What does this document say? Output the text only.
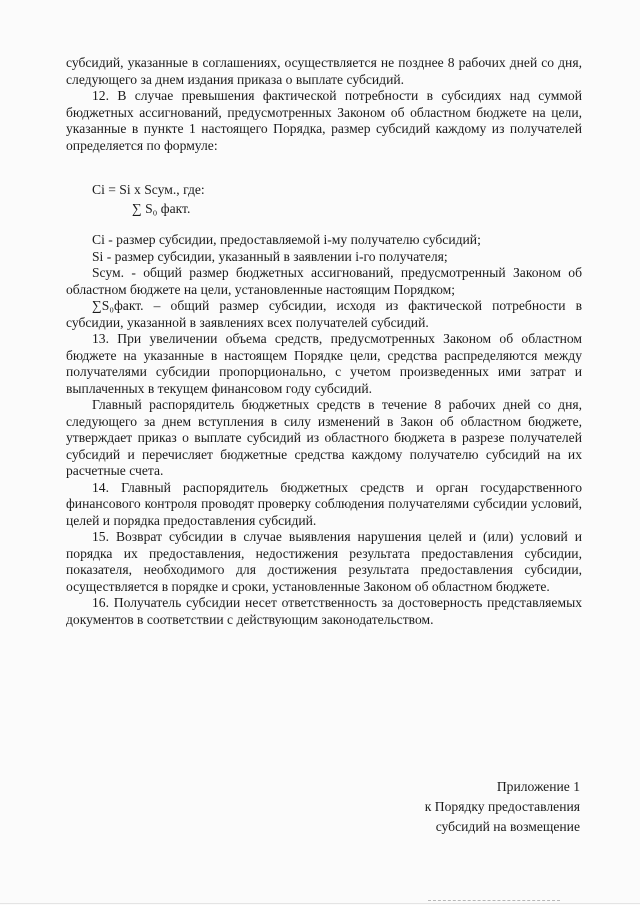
субсидий, указанные в соглашениях, осуществляется не позднее 8 рабочих дней со дня, следующего за днем издания приказа о выплате субсидий.

12. В случае превышения фактической потребности в субсидиях над суммой бюджетных ассигнований, предусмотренных Законом об областном бюджете на цели, указанные в пункте 1 настоящего Порядка, размер субсидий каждому из получателей определяется по формуле:

Ci = Si x Sсум., где:
∑ S₀ факт.

Ci - размер субсидии, предоставляемой i-му получателю субсидий;

Si - размер субсидии, указанный в заявлении i-го получателя;

Sсум. - общий размер бюджетных ассигнований, предусмотренный Законом об областном бюджете на цели, установленные настоящим Порядком;

∑S₀факт. – общий размер субсидии, исходя из фактической потребности в субсидии, указанной в заявлениях всех получателей субсидий.

13. При увеличении объема средств, предусмотренных Законом об областном бюджете на указанные в настоящем Порядке цели, средства распределяются между получателями субсидии пропорционально, с учетом произведенных ими затрат и выплаченных в текущем финансовом году субсидий.

Главный распорядитель бюджетных средств в течение 8 рабочих дней со дня, следующего за днем вступления в силу изменений в Закон об областном бюджете, утверждает приказ о выплате субсидий из областного бюджета в разрезе получателей субсидий и перечисляет бюджетные средства каждому получателю субсидий на их расчетные счета.

14. Главный распорядитель бюджетных средств и орган государственного финансового контроля проводят проверку соблюдения получателями субсидии условий, целей и порядка предоставления субсидий.

15. Возврат субсидии в случае выявления нарушения целей и (или) условий и порядка их предоставления, недостижения результата предоставления субсидии, показателя, необходимого для достижения результата предоставления субсидии, осуществляется в порядке и сроки, установленные Законом об областном бюджете.

16. Получатель субсидии несет ответственность за достоверность представляемых документов в соответствии с действующим законодательством.

Приложение 1

к Порядку предоставления

субсидий на возмещение
